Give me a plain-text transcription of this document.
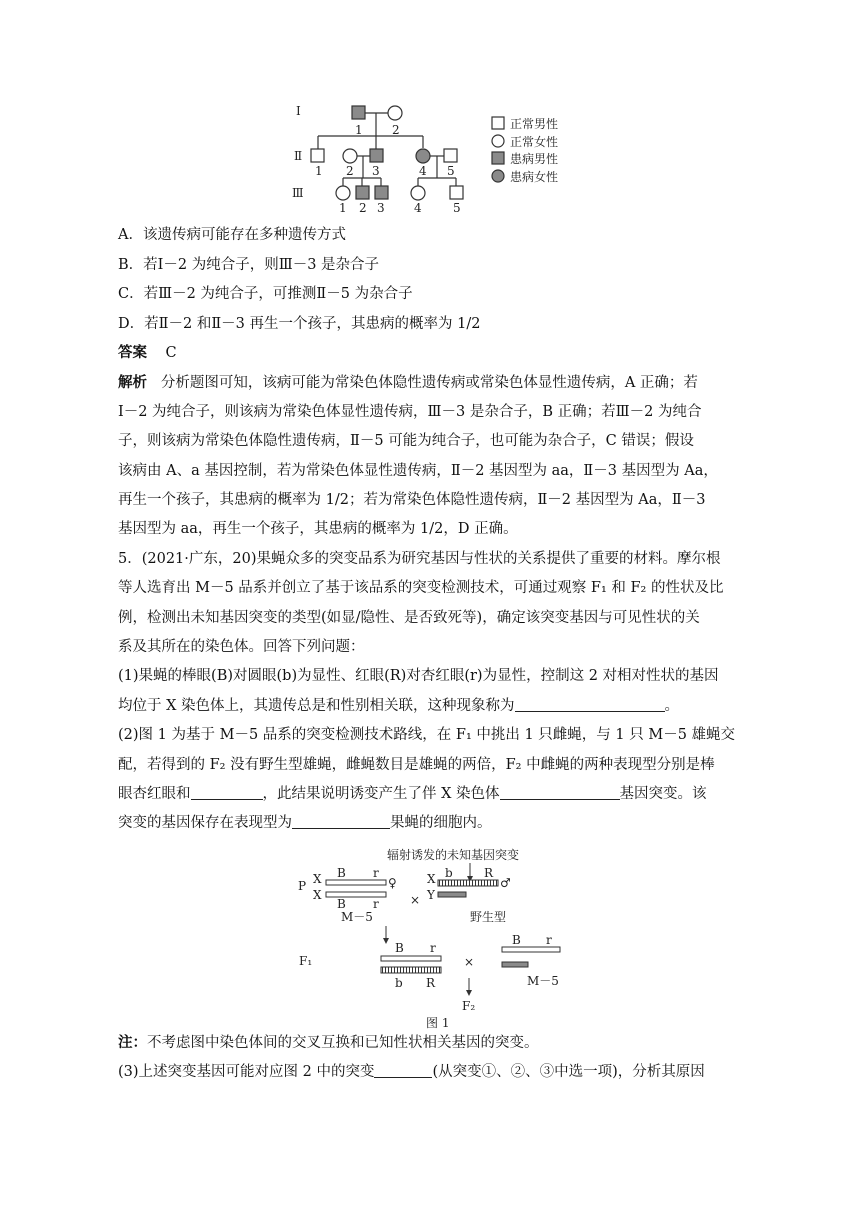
Ⅰ
Ⅱ
Ⅲ
1 2
1 2 3	4 5
1 2 3 4	5
正常男性
正常女性
患病男性
患病女性
A．该遗传病可能存在多种遗传方式
B．若Ⅰ－2 为纯合子，则Ⅲ－3 是杂合子
C．若Ⅲ－2 为纯合子，可推测Ⅱ－5 为杂合子
D．若Ⅱ－2 和Ⅱ－3 再生一个孩子，其患病的概率为 1/2
答案 C
解析 分析题图可知，该病可能为常染色体隐性遗传病或常染色体显性遗传病，A 正确；若
Ⅰ－2 为纯合子，则该病为常染色体显性遗传病，Ⅲ－3 是杂合子，B 正确；若Ⅲ－2 为纯合
子，则该病为常染色体隐性遗传病，Ⅱ－5 可能为纯合子，也可能为杂合子，C 错误；假设
该病由 A、a 基因控制，若为常染色体显性遗传病，Ⅱ－2 基因型为 aa，Ⅱ－3 基因型为 Aa，
再生一个孩子，其患病的概率为 1/2；若为常染色体隐性遗传病，Ⅱ－2 基因型为 Aa，Ⅱ－3
基因型为 aa，再生一个孩子，其患病的概率为 1/2，D 正确。
5．(2021·广东，20)果蝇众多的突变品系为研究基因与性状的关系提供了重要的材料。摩尔根
等人选育出 M－5 品系并创立了基于该品系的突变检测技术，可通过观察 F₁ 和 F₂ 的性状及比
例，检测出未知基因突变的类型(如显/隐性、是否致死等)，确定该突变基因与可见性状的关
系及其所在的染色体。回答下列问题：
(1)果蝇的棒眼(B)对圆眼(b)为显性、红眼(R)对杏红眼(r)为显性，控制这 2 对相对性状的基因
均位于 X 染色体上，其遗传总是和性别相关联，这种现象称为	。
(2)图 1 为基于 M－5 品系的突变检测技术路线，在 F₁ 中挑出 1 只雌蝇，与 1 只 M－5 雄蝇交
配，若得到的 F₂ 没有野生型雄蝇，雌蝇数目是雄蝇的两倍，F₂ 中雌蝇的两种表现型分别是棒
眼杏红眼和	，此结果说明诱变产生了伴 X 染色体	基因突变。该
突变的基因保存在表现型为	果蝇的细胞内。
辐射诱发的未知基因突变
P X
X
B r
♀
B r
M－5
×
X
Y
b	R
♂
野生型
F₁
B r
b R
×
B r
M－5
F₂
图 1
注：不考虑图中染色体间的交叉互换和已知性状相关基因的突变。
(3)上述突变基因可能对应图 2 中的突变	(从突变①、②、③中选一项)，分析其原因
